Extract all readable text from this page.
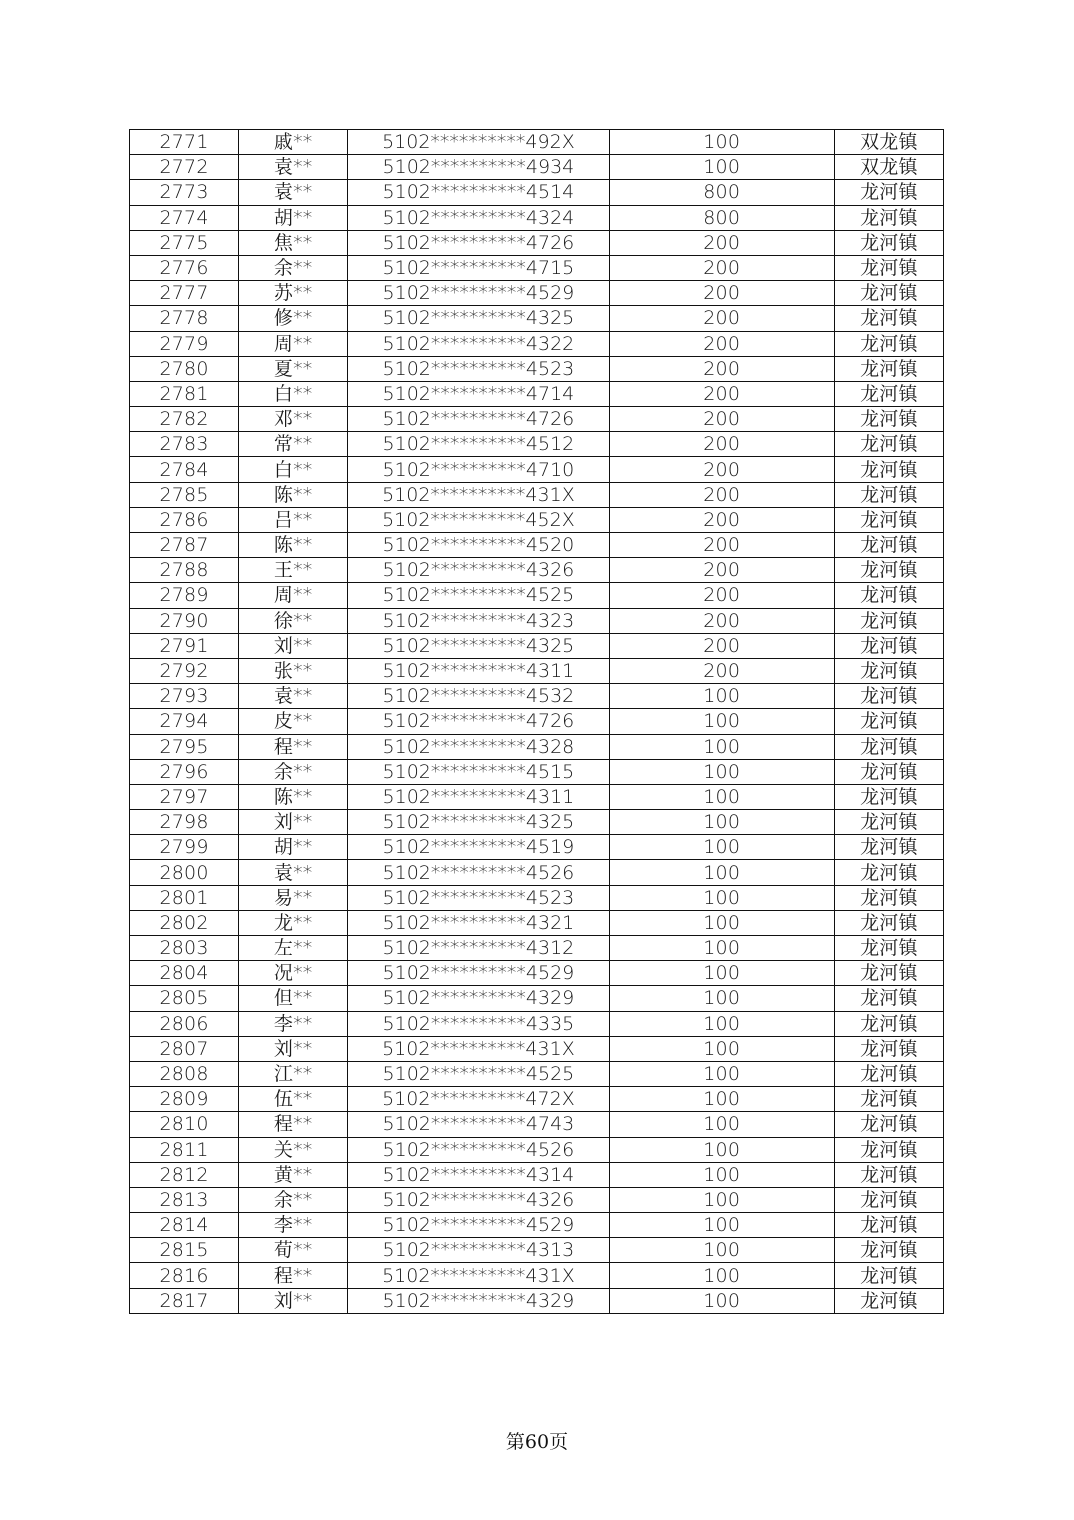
2771	戚**	5102**********492X	100	双龙镇
2772	袁**	5102**********4934	100	双龙镇
2773	袁**	5102**********4514	800	龙河镇
2774	胡**	5102**********4324	800	龙河镇
2775	焦**	5102**********4726	200	龙河镇
2776	余**	5102**********4715	200	龙河镇
2777	苏**	5102**********4529	200	龙河镇
2778	修**	5102**********4325	200	龙河镇
2779	周**	5102**********4322	200	龙河镇
2780	夏**	5102**********4523	200	龙河镇
2781	白**	5102**********4714	200	龙河镇
2782	邓**	5102**********4726	200	龙河镇
2783	常**	5102**********4512	200	龙河镇
2784	白**	5102**********4710	200	龙河镇
2785	陈**	5102**********431X	200	龙河镇
2786	吕**	5102**********452X	200	龙河镇
2787	陈**	5102**********4520	200	龙河镇
2788	王**	5102**********4326	200	龙河镇
2789	周**	5102**********4525	200	龙河镇
2790	徐**	5102**********4323	200	龙河镇
2791	刘**	5102**********4325	200	龙河镇
2792	张**	5102**********4311	200	龙河镇
2793	袁**	5102**********4532	100	龙河镇
2794	皮**	5102**********4726	100	龙河镇
2795	程**	5102**********4328	100	龙河镇
2796	余**	5102**********4515	100	龙河镇
2797	陈**	5102**********4311	100	龙河镇
2798	刘**	5102**********4325	100	龙河镇
2799	胡**	5102**********4519	100	龙河镇
2800	袁**	5102**********4526	100	龙河镇
2801	易**	5102**********4523	100	龙河镇
2802	龙**	5102**********4321	100	龙河镇
2803	左**	5102**********4312	100	龙河镇
2804	况**	5102**********4529	100	龙河镇
2805	但**	5102**********4329	100	龙河镇
2806	李**	5102**********4335	100	龙河镇
2807	刘**	5102**********431X	100	龙河镇
2808	江**	5102**********4525	100	龙河镇
2809	伍**	5102**********472X	100	龙河镇
2810	程**	5102**********4743	100	龙河镇
2811	关**	5102**********4526	100	龙河镇
2812	黄**	5102**********4314	100	龙河镇
2813	余**	5102**********4326	100	龙河镇
2814	李**	5102**********4529	100	龙河镇
2815	荀**	5102**********4313	100	龙河镇
2816	程**	5102**********431X	100	龙河镇
2817	刘**	5102**********4329	100	龙河镇
第60页
